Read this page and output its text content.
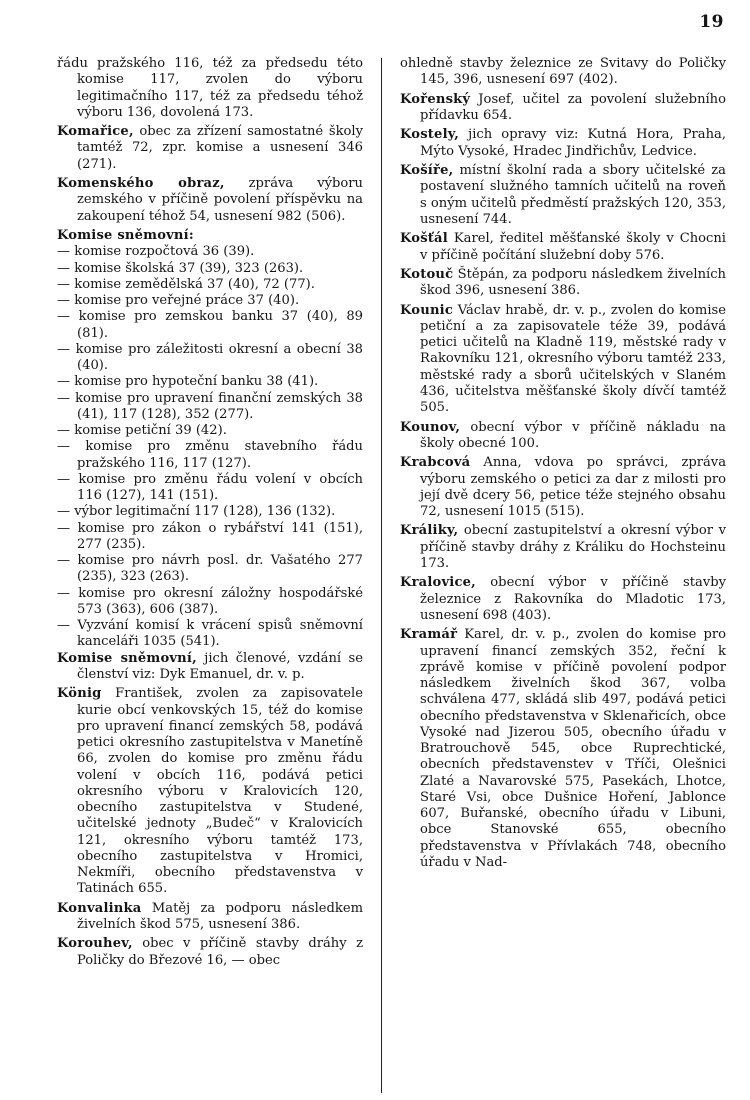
19

řádu pražského 116, též za předsedu této komise 117, zvolen do výboru legitimačního 117, též za předsedu téhož výboru 136, dovolená 173.

Komařice, obec za zřízení samostatné školy tamtéž 72, zpr. komise a usnesení 346 (271).

Komenského obraz, zpráva výboru zemského v příčině povolení příspěvku na zakoupení téhož 54, usnesení 982 (506).

Komise sněmovní:

— komise rozpočtová 36 (39).

— komise školská 37 (39), 323 (263).

— komise zemědělská 37 (40), 72 (77).

— komise pro veřejné práce 37 (40).

— komise pro zemskou banku 37 (40), 89 (81).

— komise pro záležitosti okresní a obecní 38 (40).

— komise pro hypoteční banku 38 (41).

— komise pro upravení finanční zemských 38 (41), 117 (128), 352 (277).

— komise petiční 39 (42).

— komise pro změnu stavebního řádu pražského 116, 117 (127).

— komise pro změnu řádu volení v obcích 116 (127), 141 (151).

— výbor legitimační 117 (128), 136 (132).

— komise pro zákon o rybářství 141 (151), 277 (235).

— komise pro návrh posl. dr. Vašatého 277 (235), 323 (263).

— komise pro okresní záložny hospodářské 573 (363), 606 (387).

— Vyzvání komisí k vrácení spisů sněmovní kanceláři 1035 (541).

Komise sněmovní, jich členové, vzdání se členství viz: Dyk Emanuel, dr. v. p.

König František, zvolen za zapisovatele kurie obcí venkovských 15, též do komise pro upravení financí zemských 58, podává petici okresního zastupitelstva v Manetíně 66, zvolen do komise pro změnu řádu volení v obcích 116, podává petici okresního výboru v Kralovicích 120, obecního zastupitelstva v Studené, učitelské jednoty „Budeč“ v Kralovicích 121, okresního výboru tamtéž 173, obecního zastupitelstva v Hromici, Nekmíři, obecního představenstva v Tatinách 655.

Konvalinka Matěj za podporu následkem živelních škod 575, usnesení 386.

Korouhev, obec v příčině stavby dráhy z Poličky do Březové 16, — obec

ohledně stavby železnice ze Svitavy do Poličky 145, 396, usnesení 697 (402).

Kořenský Josef, učitel za povolení služebního přídavku 654.

Kostely, jich opravy viz: Kutná Hora, Praha, Mýto Vysoké, Hradec Jindřichův, Ledvice.

Košíře, místní školní rada a sbory učitelské za postavení služného tamních učitelů na roveň s oným učitelů předměstí pražských 120, 353, usnesení 744.

Košťál Karel, ředitel měšťanské školy v Chocni v příčině počítání služební doby 576.

Kotouč Štěpán, za podporu následkem živelních škod 396, usnesení 386.

Kounic Václav hrabě, dr. v. p., zvolen do komise petiční a za zapisovatele téže 39, podává petici učitelů na Kladně 119, městské rady v Rakovníku 121, okresního výboru tamtéž 233, městské rady a sborů učitelských v Slaném 436, učitelstva měšťanské školy dívčí tamtéž 505.

Kounov, obecní výbor v příčině nákladu na školy obecné 100.

Krabcová Anna, vdova po správci, zpráva výboru zemského o petici za dar z milosti pro její dvě dcery 56, petice téže stejného obsahu 72, usnesení 1015 (515).

Králiky, obecní zastupitelství a okresní výbor v příčině stavby dráhy z Králiku do Hochsteinu 173.

Kralovice, obecní výbor v příčině stavby železnice z Rakovníka do Mladotic 173, usnesení 698 (403).

Kramář Karel, dr. v. p., zvolen do komise pro upravení financí zemských 352, řeční k zprávě komise v příčině povolení podpor následkem živelních škod 367, volba schválena 477, skládá slib 497, podává petici obecního představenstva v Sklenařicích, obce Vysoké nad Jizerou 505, obecního úřadu v Bratrouchově 545, obce Ruprechtické, obecních představenstev v Tříči, Olešnici Zlaté a Navarovské 575, Pasekách, Lhotce, Staré Vsi, obce Dušnice Hoření, Jablonce 607, Buřanské, obecního úřadu v Libuni, obce Stanovské 655, obecního představenstva v Přívlakách 748, obecního úřadu v Nad-
